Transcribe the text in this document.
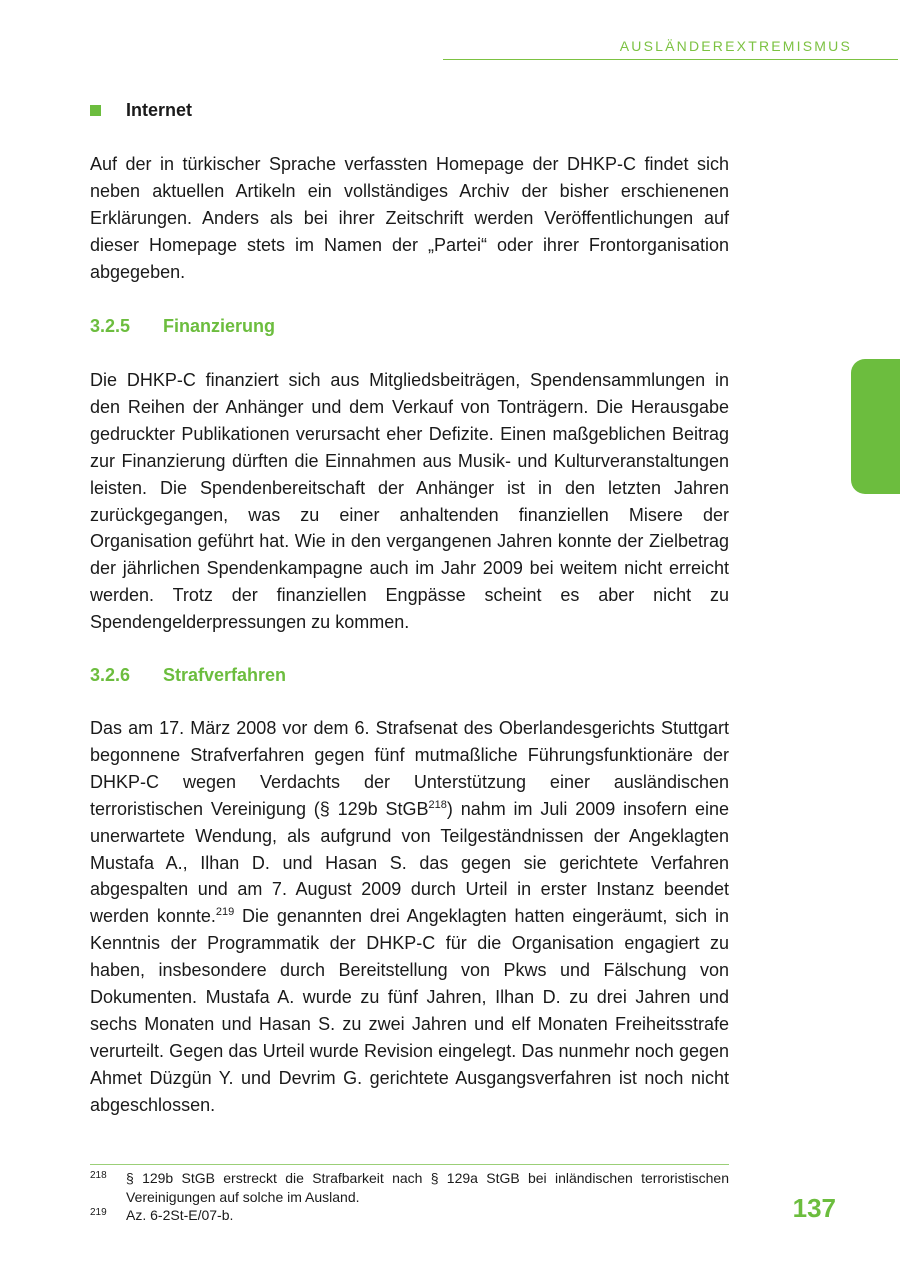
AUSLÄNDEREXTREMISMUS
Internet

Auf der in türkischer Sprache verfassten Homepage der DHKP-C findet sich neben aktuellen Artikeln ein vollständiges Archiv der bisher erschienenen Erklärungen. Anders als bei ihrer Zeitschrift werden Veröffentlichungen auf dieser Homepage stets im Namen der „Partei“ oder ihrer Frontorganisation abgegeben.

3.2.5 Finanzierung

Die DHKP-C finanziert sich aus Mitgliedsbeiträgen, Spendensammlungen in den Reihen der Anhänger und dem Verkauf von Tonträgern. Die Herausgabe gedruckter Publikationen verursacht eher Defizite. Einen maßgeblichen Beitrag zur Finanzierung dürften die Einnahmen aus Musik- und Kulturveranstaltungen leisten. Die Spendenbereitschaft der Anhänger ist in den letzten Jahren zurückgegangen, was zu einer anhaltenden finanziellen Misere der Organisation geführt hat. Wie in den vergangenen Jahren konnte der Zielbetrag der jährlichen Spendenkampagne auch im Jahr 2009 bei weitem nicht erreicht werden. Trotz der finanziellen Engpässe scheint es aber nicht zu Spendengelderpressungen zu kommen.

3.2.6 Strafverfahren

Das am 17. März 2008 vor dem 6. Strafsenat des Oberlandesgerichts Stuttgart begonnene Strafverfahren gegen fünf mutmaßliche Führungsfunktionäre der DHKP-C wegen Verdachts der Unterstützung einer ausländischen terroristischen Vereinigung (§ 129b StGB$^{218}$) nahm im Juli 2009 insofern eine unerwartete Wendung, als aufgrund von Teilgeständnissen der Angeklagten Mustafa A., Ilhan D. und Hasan S. das gegen sie gerichtete Verfahren abgespalten und am 7. August 2009 durch Urteil in erster Instanz beendet werden konnte.$^{219}$ Die genannten drei Angeklagten hatten eingeräumt, sich in Kenntnis der Programmatik der DHKP-C für die Organisation engagiert zu haben, insbesondere durch Bereitstellung von Pkws und Fälschung von Dokumenten. Mustafa A. wurde zu fünf Jahren, Ilhan D. zu drei Jahren und sechs Monaten und Hasan S. zu zwei Jahren und elf Monaten Freiheitsstrafe verurteilt. Gegen das Urteil wurde Revision eingelegt. Das nunmehr noch gegen Ahmet Düzgün Y. und Devrim G. gerichtete Ausgangsverfahren ist noch nicht abgeschlossen.

218	§ 129b StGB erstreckt die Strafbarkeit nach § 129a StGB bei inländischen terroristischen Vereinigungen auf solche im Ausland.
219	Az. 6-2St-E/07-b.	137
